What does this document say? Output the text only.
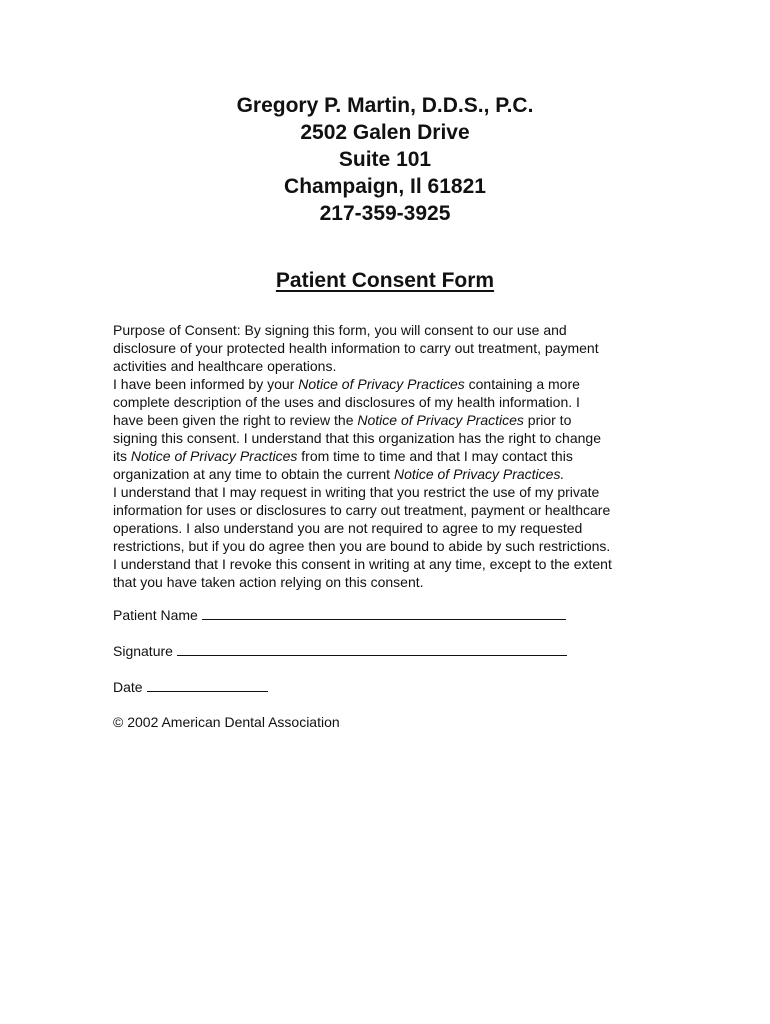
Gregory P. Martin, D.D.S., P.C.
2502 Galen Drive
Suite 101
Champaign, Il 61821
217-359-3925
Patient Consent Form
Purpose of Consent: By signing this form, you will consent to our use and
disclosure of your protected health information to carry out treatment, payment
activities and healthcare operations.
I have been informed by your Notice of Privacy Practices containing a more
complete description of the uses and disclosures of my health information. I
have been given the right to review the Notice of Privacy Practices prior to
signing this consent. I understand that this organization has the right to change
its Notice of Privacy Practices from time to time and that I may contact this
organization at any time to obtain the current Notice of Privacy Practices.
I understand that I may request in writing that you restrict the use of my private
information for uses or disclosures to carry out treatment, payment or healthcare
operations. I also understand you are not required to agree to my requested
restrictions, but if you do agree then you are bound to abide by such restrictions.
I understand that I revoke this consent in writing at any time, except to the extent
that you have taken action relying on this consent.
Patient Name
Signature
Date
© 2002 American Dental Association
